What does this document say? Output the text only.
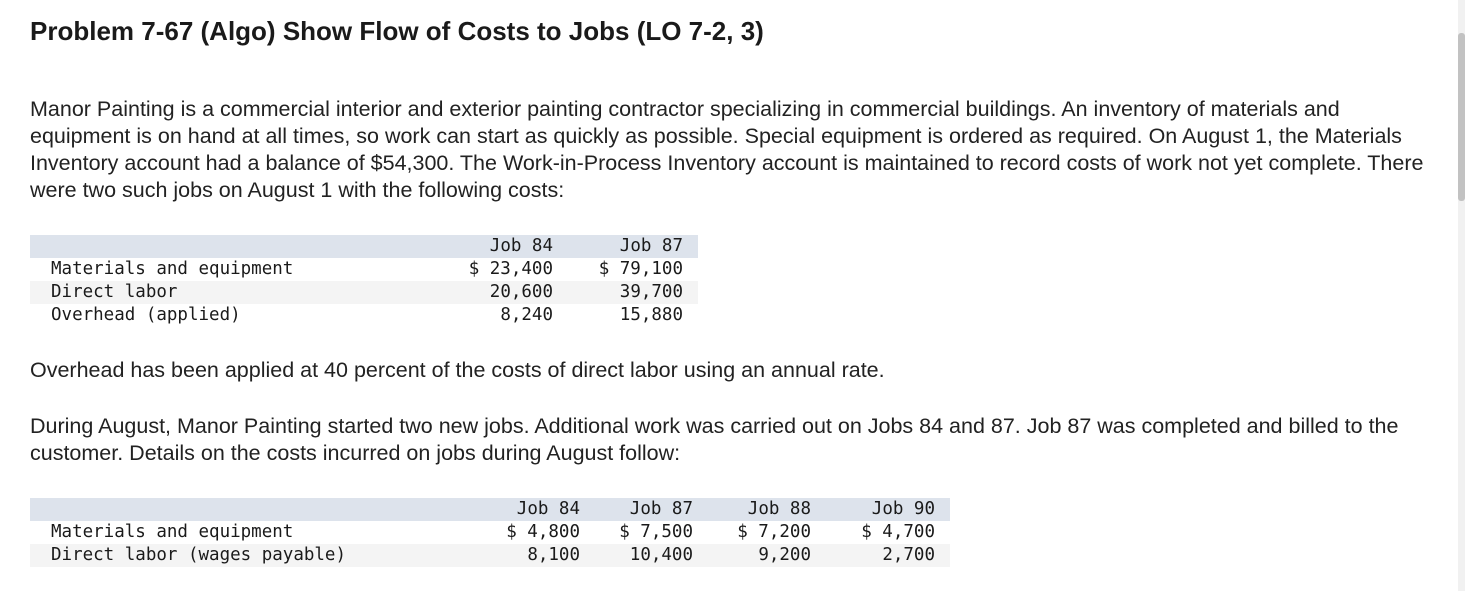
Problem 7-67 (Algo) Show Flow of Costs to Jobs (LO 7-2, 3)

Manor Painting is a commercial interior and exterior painting contractor specializing in commercial buildings. An inventory of materials and equipment is on hand at all times, so work can start as quickly as possible. Special equipment is ordered as required. On August 1, the Materials Inventory account had a balance of $54,300. The Work-in-Process Inventory account is maintained to record costs of work not yet complete. There were two such jobs on August 1 with the following costs:

	Job 84	Job 87
Materials and equipment	$ 23,400	$ 79,100
Direct labor	20,600	39,700
Overhead (applied)	8,240	15,880

Overhead has been applied at 40 percent of the costs of direct labor using an annual rate.

During August, Manor Painting started two new jobs. Additional work was carried out on Jobs 84 and 87. Job 87 was completed and billed to the customer. Details on the costs incurred on jobs during August follow:

	Job 84	Job 87	Job 88	Job 90
Materials and equipment	$ 4,800	$ 7,500	$ 7,200	$ 4,700
Direct labor (wages payable)	8,100	10,400	9,200	2,700
